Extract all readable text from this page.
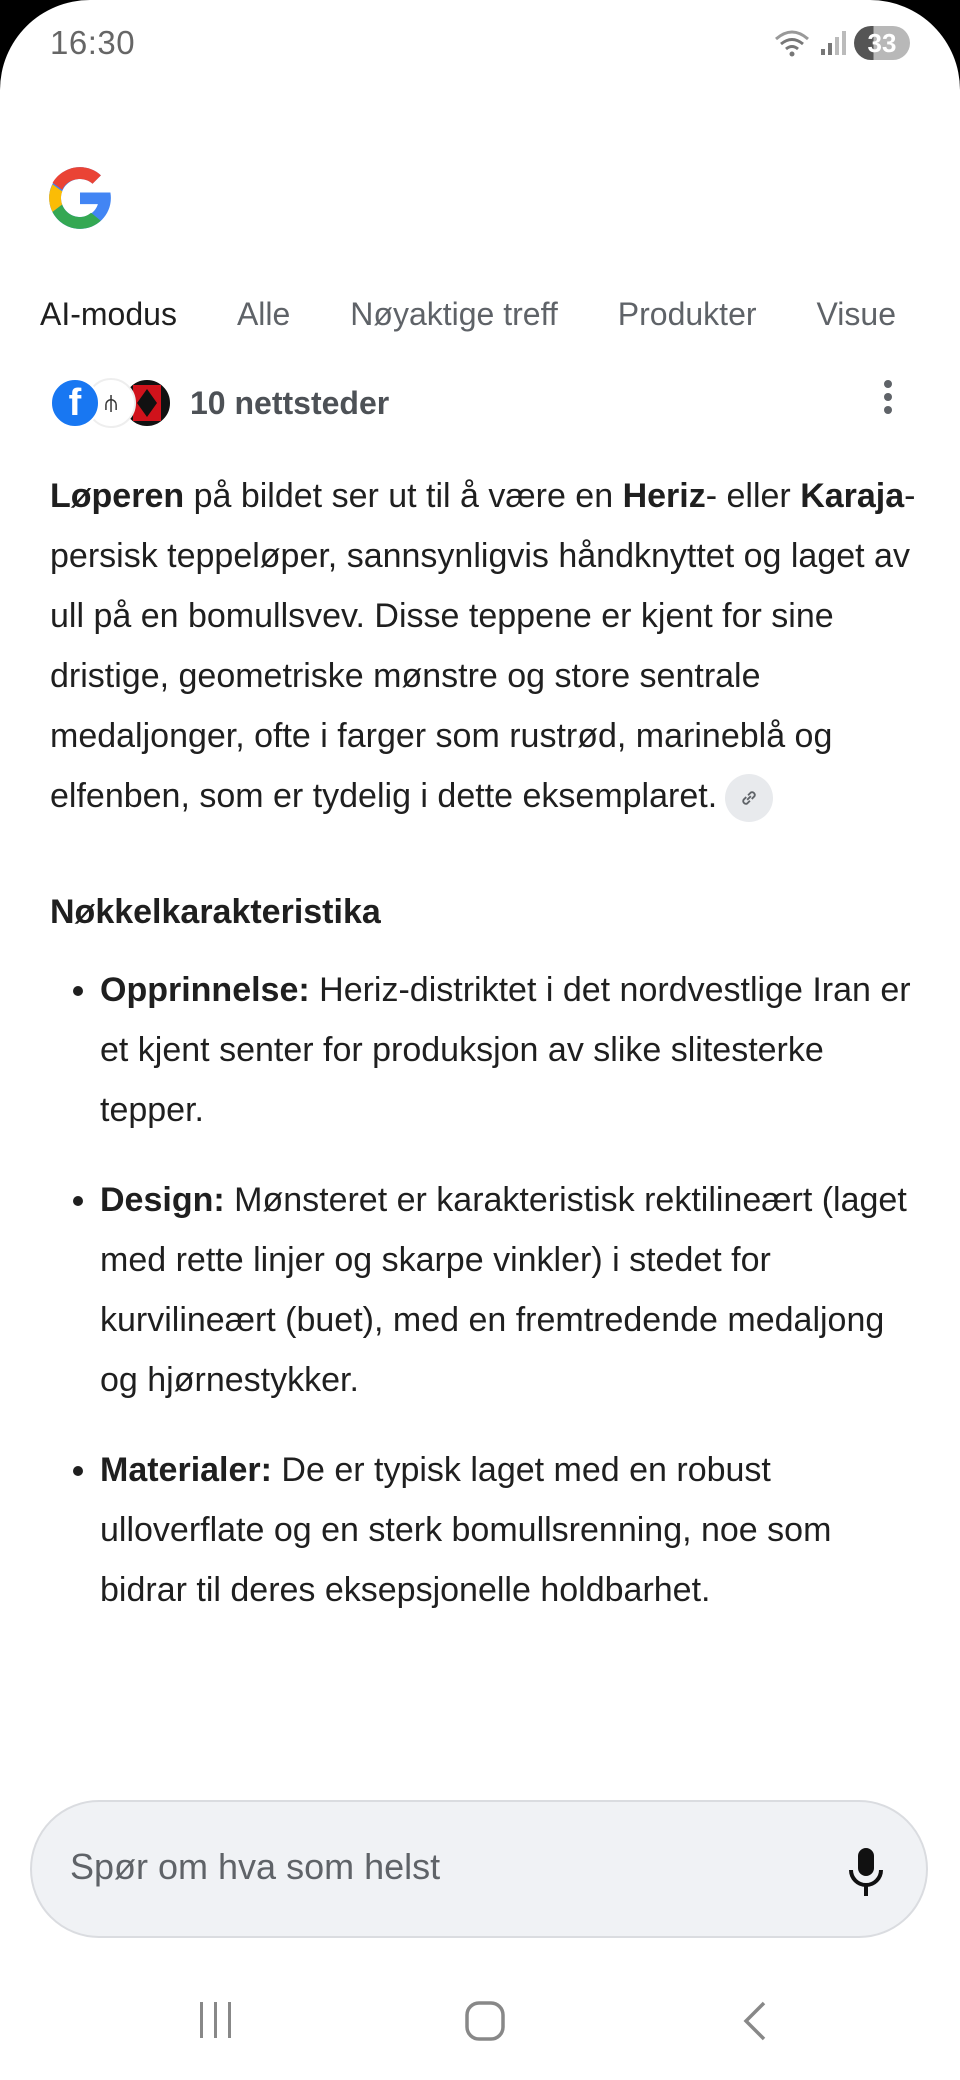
16:30	33
AI-modus Alle Nøyaktige treff Produkter Visue
f	⫛	10 nettsteder
Løperen på bildet ser ut til å være en Heriz- eller Karaja-persisk teppeløper, sannsynligvis håndknyttet og laget av ull på en bomullsvev. Disse teppene er kjent for sine dristige, geometriske mønstre og store sentrale medaljonger, ofte i farger som rustrød, marineblå og elfenben, som er tydelig i dette eksemplaret.
Nøkkelkarakteristika
• Opprinnelse: Heriz-distriktet i det nordvestlige Iran er et kjent senter for produksjon av slike slitesterke tepper.
• Design: Mønsteret er karakteristisk rektilineært (laget med rette linjer og skarpe vinkler) i stedet for kurvilineært (buet), med en fremtredende medaljong og hjørnestykker.
• Materialer: De er typisk laget med en robust ulloverflate og en sterk bomullsrenning, noe som bidrar til deres eksepsjonelle holdbarhet.
Spør om hva som helst
